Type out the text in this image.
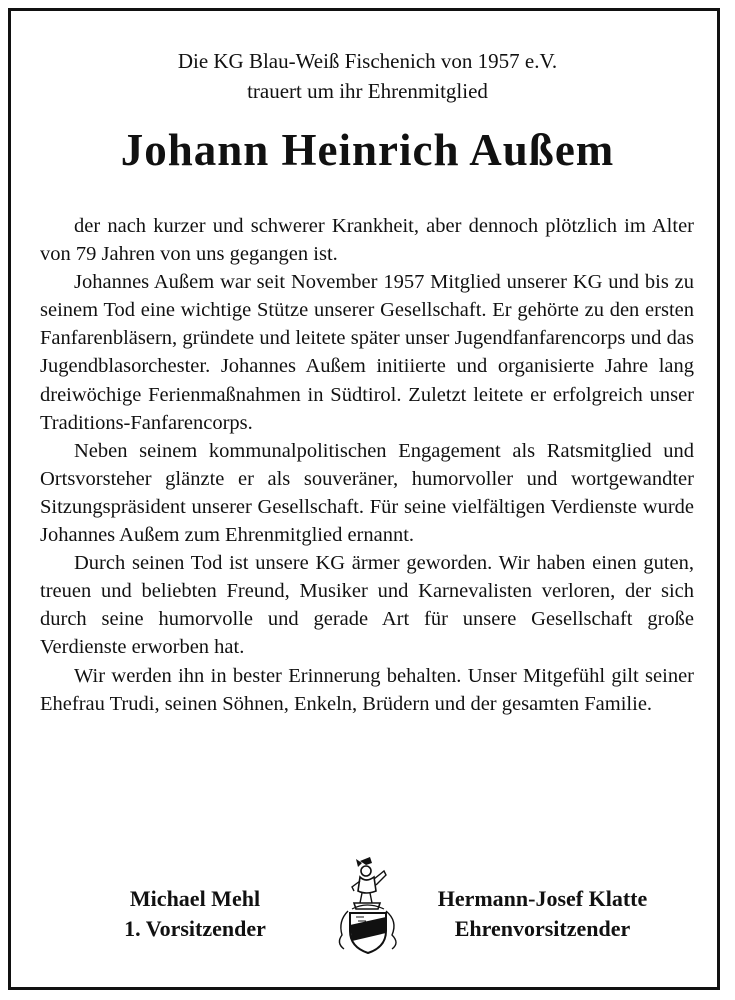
Die KG Blau-Weiß Fischenich von 1957 e.V.
trauert um ihr Ehrenmitglied
Johann Heinrich Außem

der nach kurzer und schwerer Krankheit, aber dennoch plötzlich im Alter von 79 Jahren von uns gegangen ist.

Johannes Außem war seit November 1957 Mitglied unserer KG und bis zu seinem Tod eine wichtige Stütze unserer Gesellschaft. Er gehörte zu den ersten Fanfarenbläsern, gründete und leitete später unser Jugendfanfarencorps und das Jugendblasorchester. Johannes Außem initiierte und organisierte Jahre lang dreiwöchige Ferienmaßnahmen in Südtirol. Zuletzt leitete er erfolgreich unser Traditions-Fanfarencorps.

Neben seinem kommunalpolitischen Engagement als Ratsmitglied und Ortsvorsteher glänzte er als souveräner, humorvoller und wortgewandter Sitzungspräsident unserer Gesellschaft. Für seine vielfältigen Verdienste wurde Johannes Außem zum Ehrenmitglied ernannt.

Durch seinen Tod ist unsere KG ärmer geworden. Wir haben einen guten, treuen und beliebten Freund, Musiker und Karnevalisten verloren, der sich durch seine humorvolle und gerade Art für unsere Gesellschaft große Verdienste erworben hat.

Wir werden ihn in bester Erinnerung behalten. Unser Mitgefühl gilt seiner Ehefrau Trudi, seinen Söhnen, Enkeln, Brüdern und der gesamten Familie.

Michael Mehl
1. Vorsitzender
Hermann-Josef Klatte
Ehrenvorsitzender
